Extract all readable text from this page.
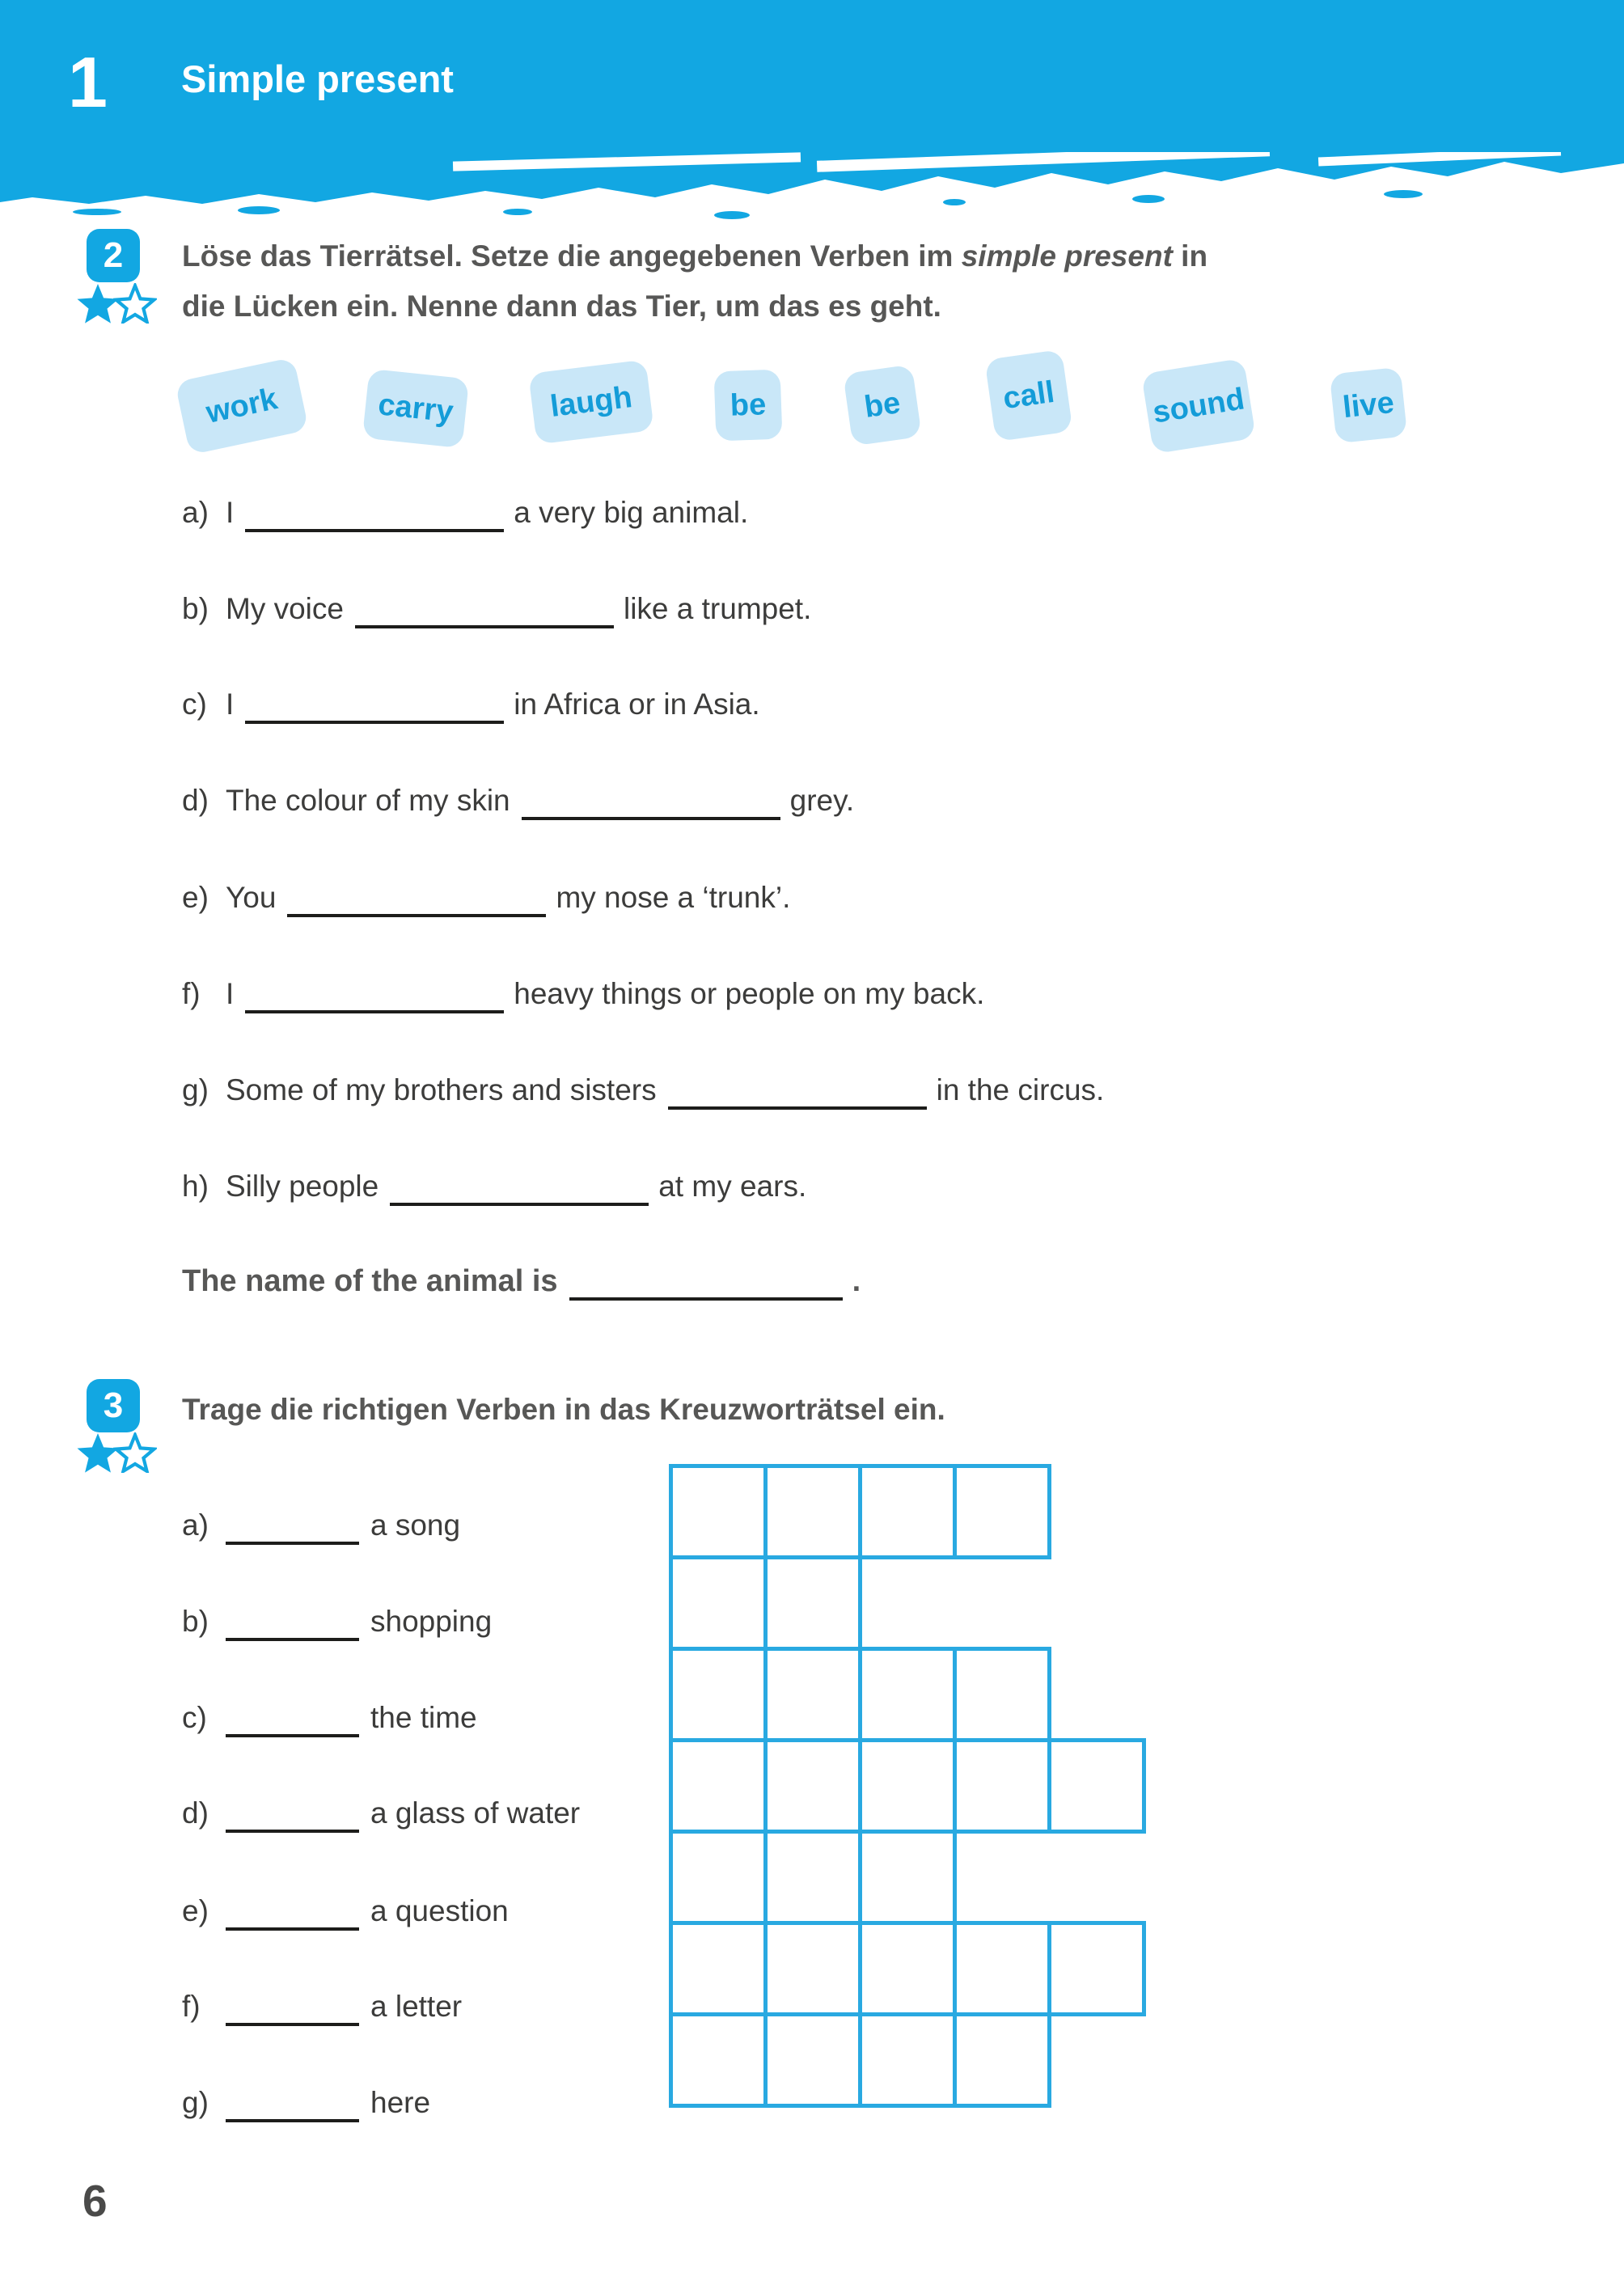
1 Simple present
2	Löse das Tierrätsel. Setze die angegebenen Verben im simple present in
die Lücken ein. Nenne dann das Tier, um das es geht.
work	carry	laugh	be	be	call	sound	live
a) I	a very big animal.
b) My voice	like a trumpet.
c) I	in Africa or in Asia.
d) The colour of my skin	grey.
e) You	my nose a ‘trunk’.
f) I	heavy things or people on my back.
g) Some of my brothers and sisters	in the circus.
h) Silly people	at my ears.
The name of the animal is	.
3	Trage die richtigen Verben in das Kreuzworträtsel ein.
a)	a song
b)	shopping
c)	the time
d)	a glass of water
e)	a question
f)	a letter
g)	here
6
